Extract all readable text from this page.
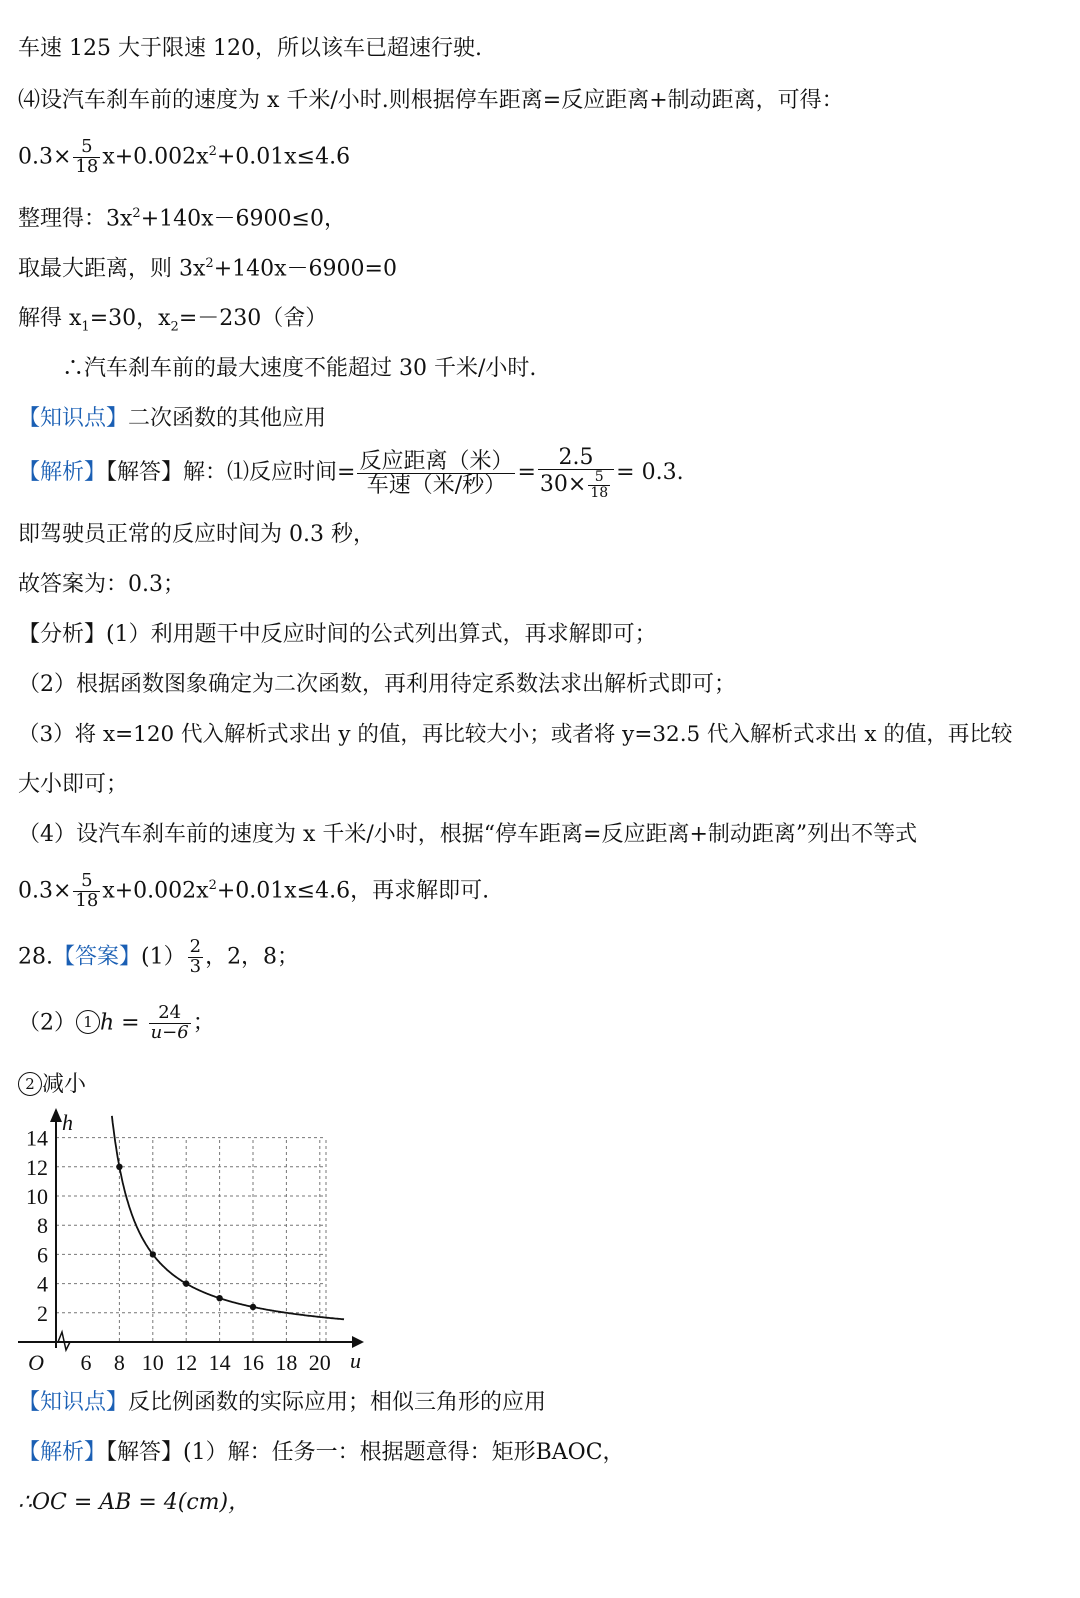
车速 125 大于限速 120，所以该车已超速行驶.
⑷设汽车刹车前的速度为 x 千米/小时.则根据停车距离=反应距离+制动距离，可得：
$0.3\times \frac{5}{18} x+0.002x^2+0.01x\le 4.6$
整理得：$3x^2+140x-6900\le 0$，
取最大距离，则 $3x^2+140x-6900=0$
解得 $x_1=30$，$x_2=-230$（舍）
∴汽车刹车前的最大速度不能超过 30 千米/小时.
【知识点】二次函数的其他应用
【解析】【解答】解：⑴反应时间= $\frac{\text{反应距离（米）}}{\text{车速（米/秒）}} = \frac{2.5}{30\times \frac{5}{18}} = 0.3$.
即驾驶员正常的反应时间为 0.3 秒，
故答案为：0.3；
【分析】(1）利用题干中反应时间的公式列出算式，再求解即可；
（2）根据函数图象确定为二次函数，再利用待定系数法求出解析式即可；
（3）将 x=120 代入解析式求出 y 的值，再比较大小；或者将 y=32.5 代入解析式求出 x 的值，再比较
大小即可；
（4）设汽车刹车前的速度为 x 千米/小时，根据“停车距离=反应距离+制动距离”列出不等式
$0.3\times \frac{5}{18} x+0.002x^2+0.01x\le 4.6$，再求解即可.
28.【答案】$(1) \frac{2}{3}$ ，2，8；
（2） 1 $h = \frac{24}{u-6}$ ；
2 减小
6 8 10 12 14 16 18 20
2
4
6
8
10
12
14
O	u
h
【知识点】反比例函数的实际应用；相似三角形的应用
【解析】【解答】(1）解：任务一：根据题意得：矩形BAOC，
∴OC = AB = 4(cm)，
